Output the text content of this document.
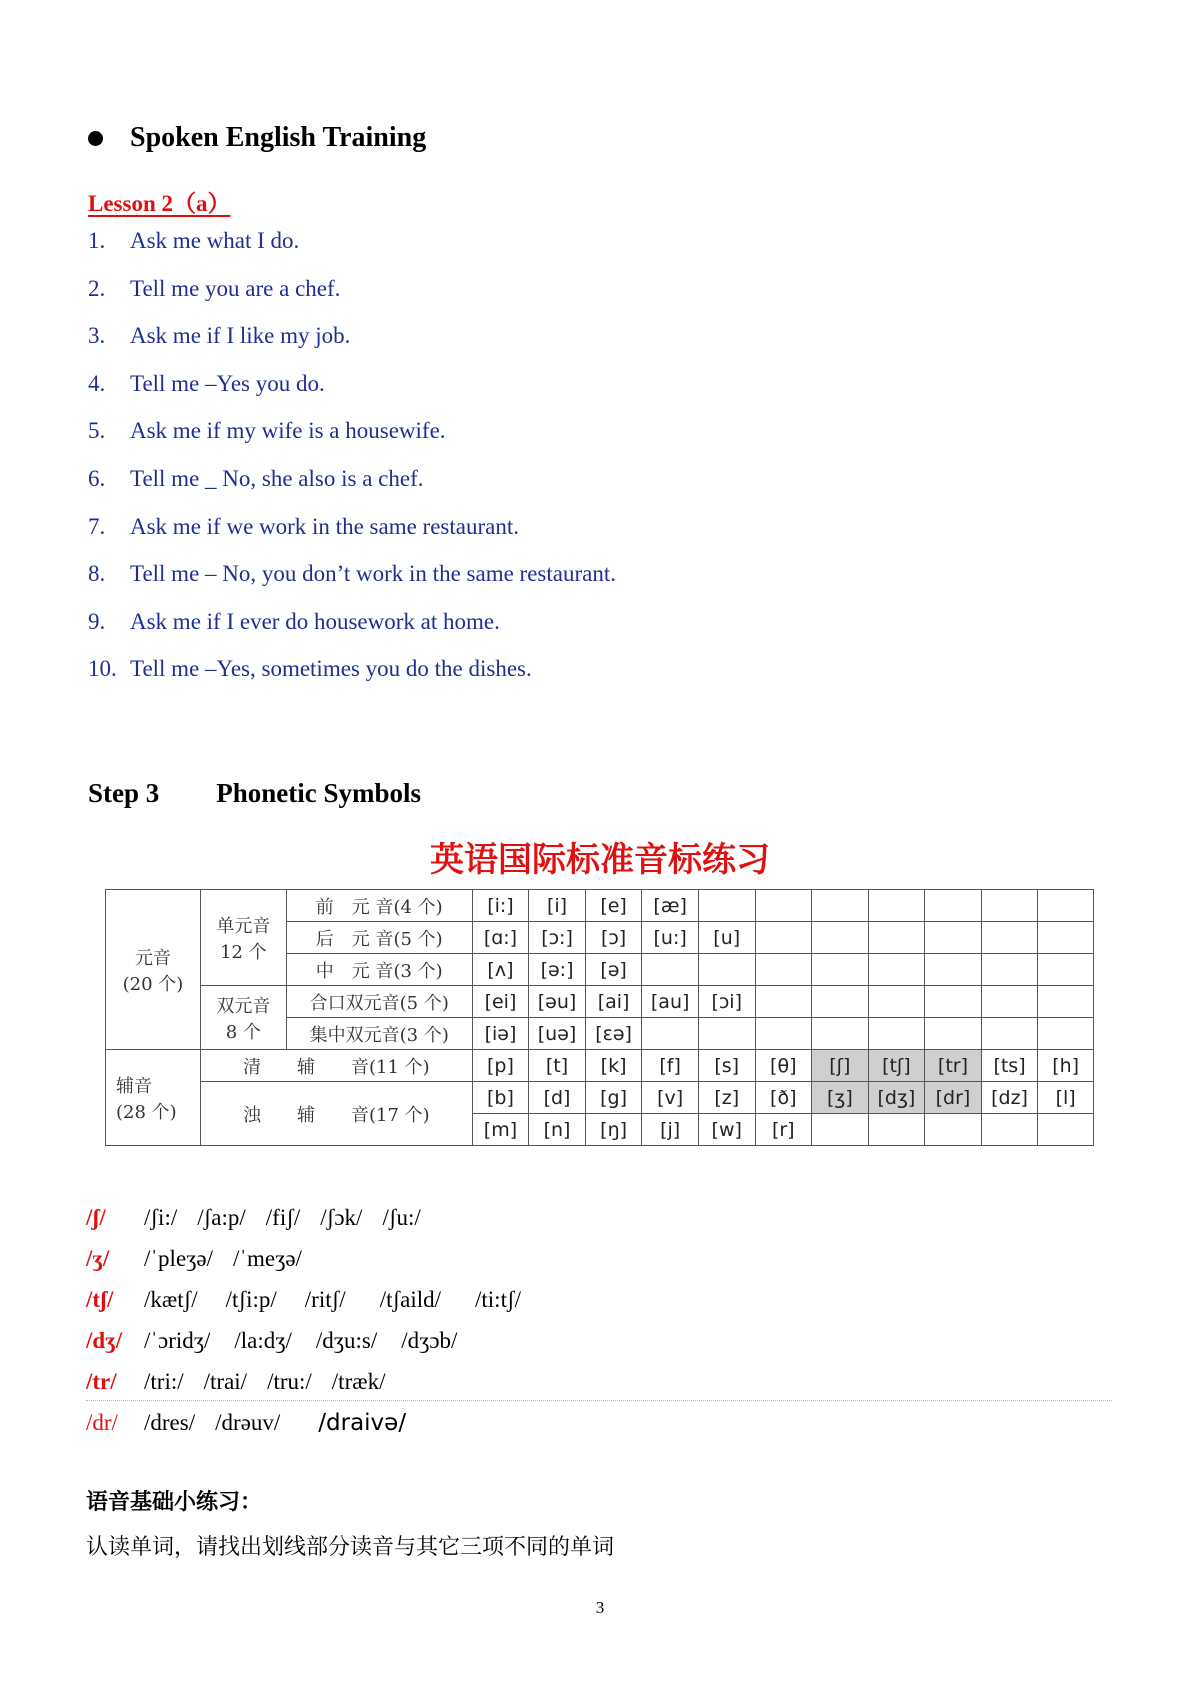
Spoken English Training
Lesson 2（a）
1.	Ask me what I do.
2.	Tell me you are a chef.
3.	Ask me if I like my job.
4.	Tell me –Yes you do.
5.	Ask me if my wife is a housewife.
6.	Tell me _ No, she also is a chef.
7.	Ask me if we work in the same restaurant.
8.	Tell me – No, you don’t work in the same restaurant.
9.	Ask me if I ever do housework at home.
10. Tell me –Yes, sometimes you do the dishes.
Step 3 Phonetic Symbols
英语国际标准音标练习
元音
(20 个)	单元音
12 个	前　元 音(4 个)	[i:]	[i]	[e]	[æ]							
		后　元 音(5 个)	[ɑ:]	[ɔ:]	[ɔ]	[u:]	[u]						
		中　元 音(3 个)	[ʌ]	[ə:]	[ə]								
	双元音
8 个	合口双元音(5 个)	[ei]	[əu]	[ai]	[au]	[ɔi]						
		集中双元音(3 个)	[iə]	[uə]	[ɛə]								
辅音
(28 个)	清　　辅　　音(11 个)		[p]	[t]	[k]	[f]	[s]	[θ]	[ʃ]	[tʃ]	[tr]	[ts]	[h]
	浊　　辅　　音(17 个)		[b]	[d]	[g]	[v]	[z]	[ð]	[ʒ]	[dʒ]	[dr]	[dz]	[l]
			[m]	[n]	[ŋ]	[j]	[w]	[r]					
/ʃ/ /ʃi:/ /ʃa:p/ /fiʃ/ /ʃɔk/ /ʃu:/
/ʒ/ /ˈpleʒə/ /ˈmeʒə/
/tʃ/ /kætʃ/ /tʃi:p/ /ritʃ/ /tʃaild/ /ti:tʃ/
/dʒ/ /ˈɔridʒ/ /la:dʒ/ /dʒu:s/ /dʒɔb/
/tr/ /tri:/ /trai/ /tru:/ /træk/
/dr/ /dres/ /drəuv/ /draivə/
语音基础小练习：
认读单词，请找出划线部分读音与其它三项不同的单词
3
